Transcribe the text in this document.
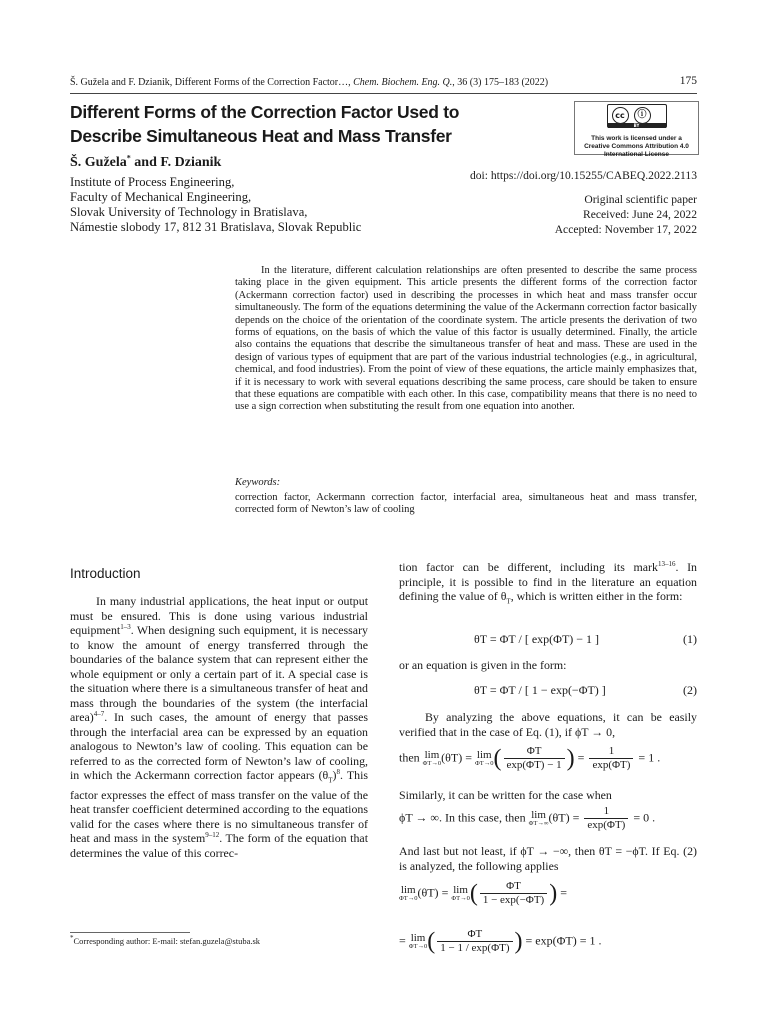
Š. Gužela and F. Dzianik, Different Forms of the Correction Factor…, Chem. Biochem. Eng. Q., 36 (3) 175–183 (2022)	175
Different Forms of the Correction Factor Used to Describe Simultaneous Heat and Mass Transfer
cc	ⓘ
BY
This work is licensed under a
Creative Commons Attribution 4.0
International License
Š. Gužela* and F. Dzianik
Institute of Process Engineering,
Faculty of Mechanical Engineering,
Slovak University of Technology in Bratislava,
Námestie slobody 17, 812 31 Bratislava, Slovak Republic
doi: https://doi.org/10.15255/CABEQ.2022.2113
Original scientific paper
Received: June 24, 2022
Accepted: November 17, 2022
In the literature, different calculation relationships are often presented to describe the same process taking place in the given equipment. This article presents the different forms of the correction factor (Ackermann correction factor) used in describing the processes in which heat and mass transfer occur simultaneously. The form of the equations determining the value of the Ackermann correction factor basically depends on the choice of the orientation of the coordinate system. The article presents the derivation of two forms of equations, on the basis of which the value of this factor is usually determined. Finally, the article also contains the equations that describe the simultaneous transfer of heat and mass. These are used in the design of various types of equipment that are part of the various industrial technologies (e.g., in agricultural, chemical, and food industries). From the point of view of these equations, the article mainly emphasizes that, if it is necessary to work with several equations describing the same process, care should be taken to ensure that these equations are compatible with each other. In this case, compatibility means that there is no need to use a sign correction when substituting the result from one equation into another.
Keywords:
correction factor, Ackermann correction factor, interfacial area, simultaneous heat and mass transfer, corrected form of Newton’s law of cooling
Introduction

In many industrial applications, the heat input or output must be ensured. This is done using various industrial equipment$^{1-3}$. When designing such equipment, it is necessary to know the amount of energy transferred through the boundaries of the balance system that can represent either the whole equipment or only a certain part of it. A special case is the situation where there is a simultaneous transfer of heat and mass through the boundaries of the system (the interfacial area)$^{4-7}$. In such cases, the amount of energy that passes through the interfacial area can be expressed by an equation analogous to Newton’s law of cooling. This equation can be referred to as the corrected form of Newton’s law of cooling, in which the Ackermann correction factor appears $(\theta_T)^8$. This factor expresses the effect of mass transfer on the value of the heat transfer coefficient determined according to the equations valid for the cases where there is no simultaneous transfer of heat and mass in the system$^{9-12}$. The form of the equation that determines the value of this correc-

*Corresponding author: E-mail: stefan.guzela@stuba.sk

tion factor can be different, including its mark$^{13-16}$. In principle, it is possible to find in the literature an equation defining the value of $\theta_T$, which is written either in the form:

θT = ΦT / [ exp(ΦT) − 1 ]	(1)

or an equation is given in the form:

θT = ΦT / [ 1 − exp(−ΦT) ]	(2)

By analyzing the above equations, it can be easily verified that in the case of Eq. (1), if ϕT → 0,

then lim
ΦT→0 (θT) = lim
ΦT→0 ( $\frac{\Phi T}{\exp(\Phi T) - 1}$ ) = $\frac{1}{\exp(\Phi T)} = 1$ .

Similarly, it can be written for the case when

ϕT → ∞. In this case, then lim
ΦT→∞ $(\theta T) = \frac{1}{\exp(\Phi T)} = 0$ .

And last but not least, if ϕT → −∞, then θT = −ϕT. If Eq. (2) is analyzed, the following applies

lim
ΦT→0 (θT) = lim
ΦT→0 ( $\frac{\Phi T}{1 - \exp(-\Phi T)}$ ) =
= lim
ΦT→0 ( $\frac{\Phi T}{1 - 1 / \exp(\Phi T)}$ ) = exp(ΦT) = 1 .
